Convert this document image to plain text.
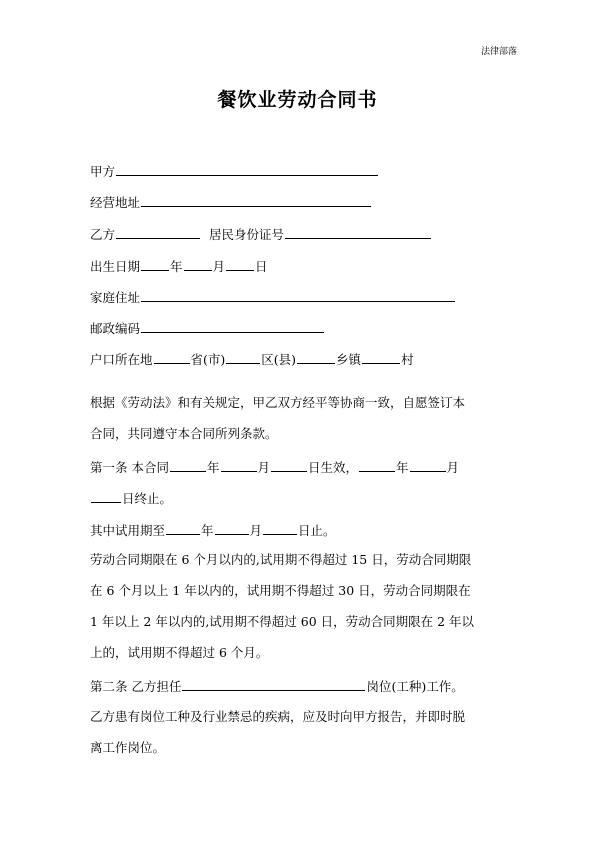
法律部落
餐饮业劳动合同书
甲方
经营地址
乙方	居民身份证号
出生日期 年 月 日
家庭住址
邮政编码
户口所在地	省(市)	区(县)	乡镇	村
根据《劳动法》和有关规定，甲乙双方经平等协商一致，自愿签订本
合同，共同遵守本合同所列条款。
第一条 本合同	年	月	日生效，	年	月
日终止。
其中试用期至	年	月	日止。
劳动合同期限在 6 个月以内的,试用期不得超过 15 日，劳动合同期限
在 6 个月以上 1 年以内的，试用期不得超过 30 日，劳动合同期限在
1 年以上 2 年以内的,试用期不得超过 60 日，劳动合同期限在 2 年以
上的，试用期不得超过 6 个月。
第二条 乙方担任	岗位(工种)工作。
乙方患有岗位工种及行业禁忌的疾病，应及时向甲方报告，并即时脱
离工作岗位。
